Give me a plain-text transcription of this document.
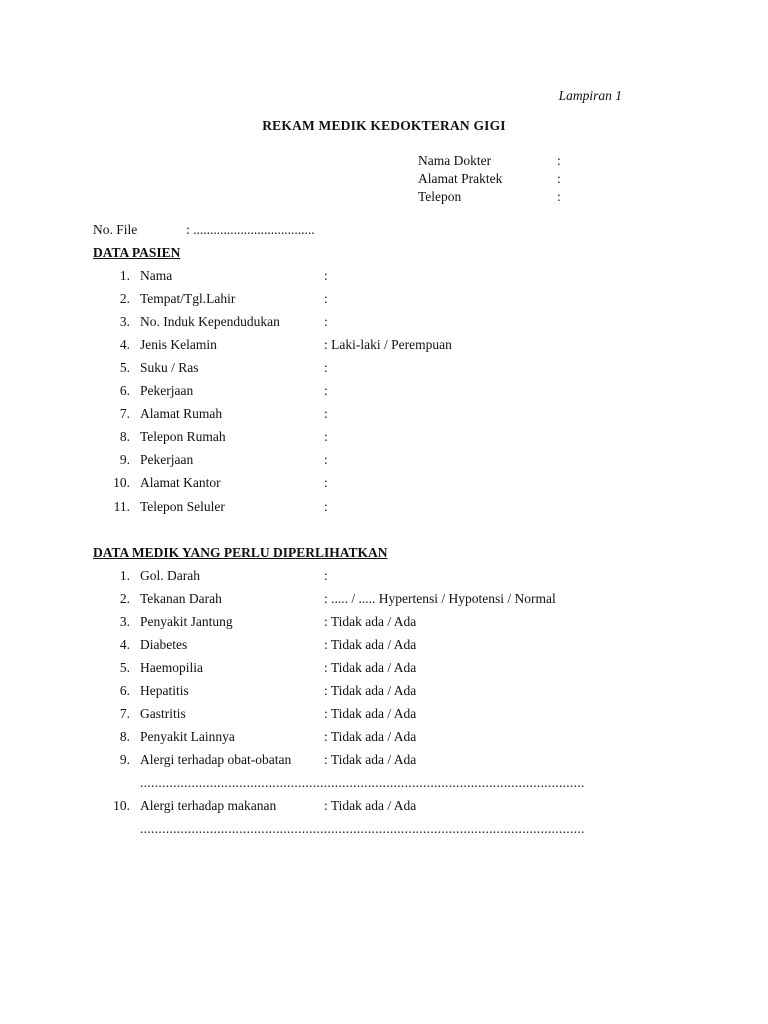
Lampiran 1
REKAM MEDIK KEDOKTERAN GIGI
Nama Dokter	:
Alamat Praktek	:
Telepon	:
No. File	: ....................................
DATA PASIEN
1. Nama	:
2. Tempat/Tgl.Lahir	:
3. No. Induk Kependudukan	:
4. Jenis Kelamin	: Laki-laki / Perempuan
5. Suku / Ras	:
6. Pekerjaan	:
7. Alamat Rumah	:
8. Telepon Rumah	:
9. Pekerjaan	:
10. Alamat Kantor	:
11. Telepon Seluler	:
DATA MEDIK YANG PERLU DIPERLIHATKAN
1. Gol. Darah	:
2. Tekanan Darah	: ..... / ..... Hypertensi / Hypotensi / Normal
3. Penyakit Jantung	: Tidak ada / Ada
4. Diabetes	: Tidak ada / Ada
5. Haemopilia	: Tidak ada / Ada
6. Hepatitis	: Tidak ada / Ada
7. Gastritis	: Tidak ada / Ada
8. Penyakit Lainnya	: Tidak ada / Ada
9. Alergi terhadap obat-obatan : Tidak ada / Ada
.........................................................................................................................
10. Alergi terhadap makanan	: Tidak ada / Ada
.........................................................................................................................
